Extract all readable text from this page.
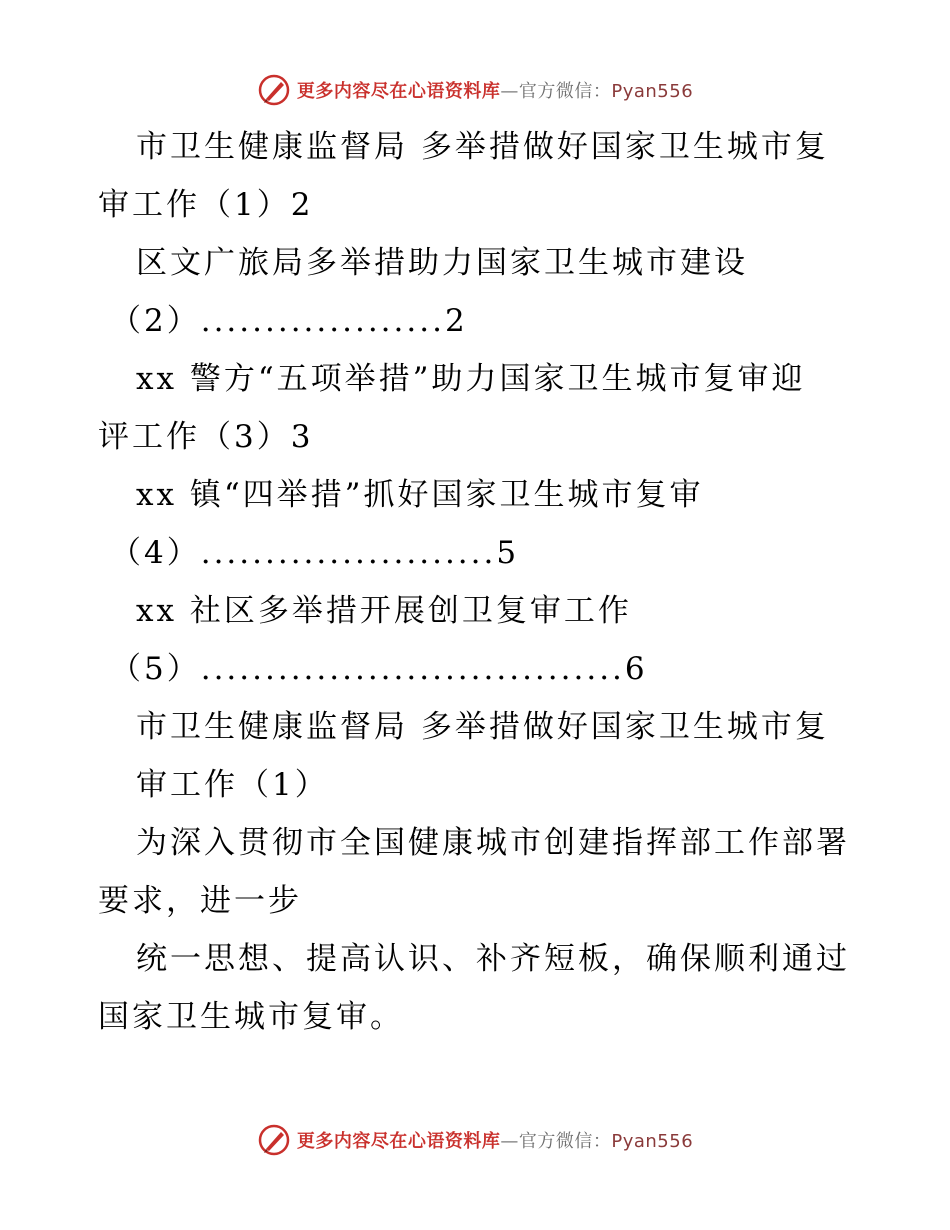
更多内容尽在心语资料库—官方微信：Pyan556
市卫生健康监督局 多举措做好国家卫生城市复
审工作（1）2
区文广旅局多举措助力国家卫生城市建设
（2）...................2
xx 警方“五项举措”助力国家卫生城市复审迎
评工作（3）3
xx 镇“四举措”抓好国家卫生城市复审
（4）.......................5
xx 社区多举措开展创卫复审工作
（5）.................................6
市卫生健康监督局 多举措做好国家卫生城市复
审工作（1）
为深入贯彻市全国健康城市创建指挥部工作部署
要求，进一步
统一思想、提高认识、补齐短板，确保顺利通过
国家卫生城市复审。
更多内容尽在心语资料库—官方微信：Pyan556
